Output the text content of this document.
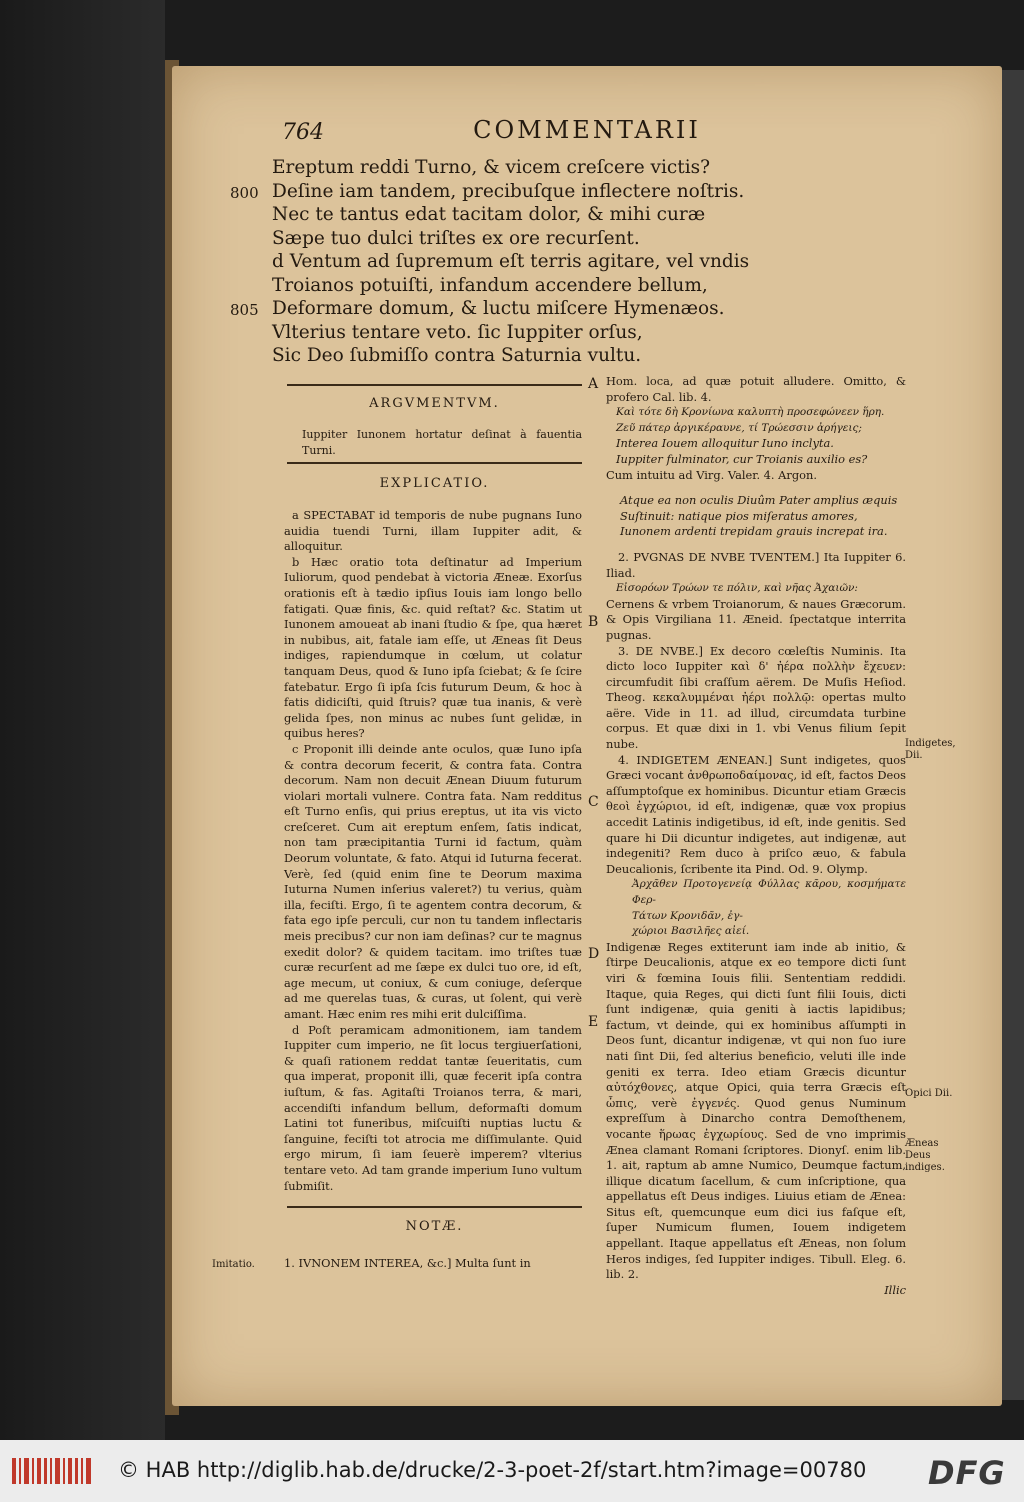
COMMENTARII
764
Ereptum reddi Turno, & vicem creſcere victis?
800 Deſine iam tandem, precibuſque inflectere noſtris.
Nec te tantus edat tacitam dolor, & mihi curæ
Sæpe tuo dulci triſtes ex ore recurſent.
d Ventum ad ſupremum eſt terris agitare, vel vndis
Troianos potuiſti, infandum accendere bellum,
805 Deformare domum, & luctu miſcere Hymenæos.
Vlterius tentare veto. ſic Iuppiter orſus,
Sic Deo ſubmiſſo contra Saturnia vultu.
ARGVMENTVM.
Iuppiter Iunonem hortatur deſinat à fauentia Turni.
EXPLICATIO.

a SPECTABAT id temporis de nube pugnans Iuno auidia tuendi Turni, illam Iuppiter adit, & alloquitur.

b Hæc oratio tota deſtinatur ad Imperium Iuliorum, quod pendebat à victoria Æneæ. Exorſus orationis eſt à tædio ipſius Iouis iam longo bello fatigati. Quæ finis, &c. quid reſtat? &c. Statim ut Iunonem amoueat ab inani ſtudio & ſpe, qua hæret in nubibus, ait, fatale iam eſſe, ut Æneas ſit Deus indiges, rapiendumque in cœlum, ut colatur tanquam Deus, quod & Iuno ipſa ſciebat; & ſe ſcire fatebatur. Ergo ſi ipſa ſcis futurum Deum, & hoc à fatis didiciſti, quid ſtruis? quæ tua inanis, & verè gelida ſpes, non minus ac nubes ſunt gelidæ, in quibus heres?

c Proponit illi deinde ante oculos, quæ Iuno ipſa & contra decorum fecerit, & contra fata. Contra decorum. Nam non decuit Ænean Diuum futurum violari mortali vulnere. Contra fata. Nam redditus eſt Turno enſis, qui prius ereptus, ut ita vis victo creſceret. Cum ait ereptum enſem, ſatis indicat, non tam præcipitantia Turni id factum, quàm Deorum voluntate, & fato. Atqui id Iuturna fecerat. Verè, ſed (quid enim ſine te Deorum maxima Iuturna Numen inſerius valeret?) tu verius, quàm illa, feciſti. Ergo, ſi te agentem contra decorum, & fata ego ipſe perculi, cur non tu tandem inflectaris meis precibus? cur non iam deſinas? cur te magnus exedit dolor? & quidem tacitam. imo triſtes tuæ curæ recurſent ad me ſæpe ex dulci tuo ore, id eſt, age mecum, ut coniux, & cum coniuge, deſerque ad me querelas tuas, & curas, ut ſolent, qui verè amant. Hæc enim res mihi erit dulciſſima.

d Poſt peramicam admonitionem, iam tandem Iuppiter cum imperio, ne ſit locus tergiuerſationi, & quaſi rationem reddat tantæ ſeueritatis, cum qua imperat, proponit illi, quæ fecerit ipſa contra iuſtum, & fas. Agitaſti Troianos terra, & mari, accendiſti infandum bellum, deformaſti domum Latini tot funeribus, miſcuiſti nuptias luctu & ſanguine, feciſti tot atrocia me diſſimulante. Quid ergo mirum, ſi iam ſeuerè imperem? vlterius tentare veto. Ad tam grande imperium Iuno vultum ſubmiſit.

NOTÆ.
Imitatio.	1. IVNONEM INTEREA, &c.] Multa ſunt in
A
B
C
D
E

Hom. loca, ad quæ potuit alludere. Omitto, & profero Cal. lib. 4.

Καὶ τότε δὴ Κρονίωνα καλυπτὴ προσεφώνεεν ἥρη.

Ζεῦ πάτερ ἀργικέραυνε, τί Τρώεσσιν ἀρήγεις;

Interea Iouem alloquitur Iuno inclyta.

Iuppiter fulminator, cur Troianis auxilio es?

Cum intuitu ad Virg. Valer. 4. Argon.

Atque ea non oculis Diuûm Pater amplius æquis

Suſtinuit: natique pios miſeratus amores,

Iunonem ardenti trepidam grauis increpat ira.

2. PVGNAS DE NVBE TVENTEM.] Ita Iuppiter 6. Iliad.

Εἰσορόων Τρώων τε πόλιν, καὶ νῆας Ἀχαιῶν:

Cernens & vrbem Troianorum, & naues Græcorum. & Opis Virgiliana 11. Æneid. ſpectatque interrita pugnas.

3. DE NVBE.] Ex decoro cœleſtis Numinis. Ita dicto loco Iuppiter καὶ δ' ἠέρα πολλὴν ἔχευεν: circumfudit ſibi craſſum aërem. De Muſis Heſiod. Theog. κεκαλυμμέναι ἠέρι πολλῷ: opertas multo aëre. Vide in 11. ad illud, circumdata turbine corpus. Et quæ dixi in 1. vbi Venus filium ſepit nube.

4. INDIGETEM ÆNEAN.] Sunt indigetes, quos Græci vocant ἀνθρωποδαίμονας, id eſt, factos Deos aſſumptoſque ex hominibus. Dicuntur etiam Græcis θεοὶ ἐγχώριοι, id eſt, indigenæ, quæ vox propius accedit Latinis indigetibus, id eſt, inde genitis. Sed quare hi Dii dicuntur indigetes, aut indigenæ, aut indegeniti? Rem duco à priſco æuo, & fabula Deucalionis, ſcribente ita Pind. Od. 9. Olymp.

Ἀρχᾶθεν Προτογενείᾳ Φύλλας κᾶρου, κοσμήματε Φερ-

Τάτων Κρονιδᾶν, ἐγ-

χώριοι Βασιλῆες αἰεί.

Indigenæ Reges extiterunt iam inde ab initio, & ſtirpe Deucalionis, atque ex eo tempore dicti ſunt viri & fœmina Iouis filii. Sententiam reddidi. Itaque, quia Reges, qui dicti ſunt filii Iouis, dicti ſunt indigenæ, quia geniti à iactis lapidibus; factum, vt deinde, qui ex hominibus aſſumpti in Deos ſunt, dicantur indigenæ, vt qui non ſuo iure nati ſint Dii, ſed alterius beneficio, veluti ille inde geniti ex terra. Ideo etiam Græcis dicuntur αὐτόχθονες, atque Opici, quia terra Græcis eſt ὦπις, verè ἐγγενές. Quod genus Numinum expreſſum à Dinarcho contra Demoſthenem, vocante ἥρωας ἐγχωρίους. Sed de vno imprimis Ænea clamant Romani ſcriptores. Dionyſ. enim lib. 1. ait, raptum ab amne Numico, Deumque factum, illique dicatum ſacellum, & cum inſcriptione, qua appellatus eſt Deus indiges. Liuius etiam de Ænea: Situs eſt, quemcunque eum dici ius faſque eſt, ſuper Numicum flumen, Iouem indigetem appellant. Itaque appellatus eſt Æneas, non ſolum Heros indiges, ſed Iuppiter indiges. Tibull. Eleg. 6. lib. 2.

Illic

Indigetes, Dii.
Opici Dii.
Æneas Deus indiges.
© HAB http://diglib.hab.de/drucke/2-3-poet-2f/start.htm?image=00780 DFG
